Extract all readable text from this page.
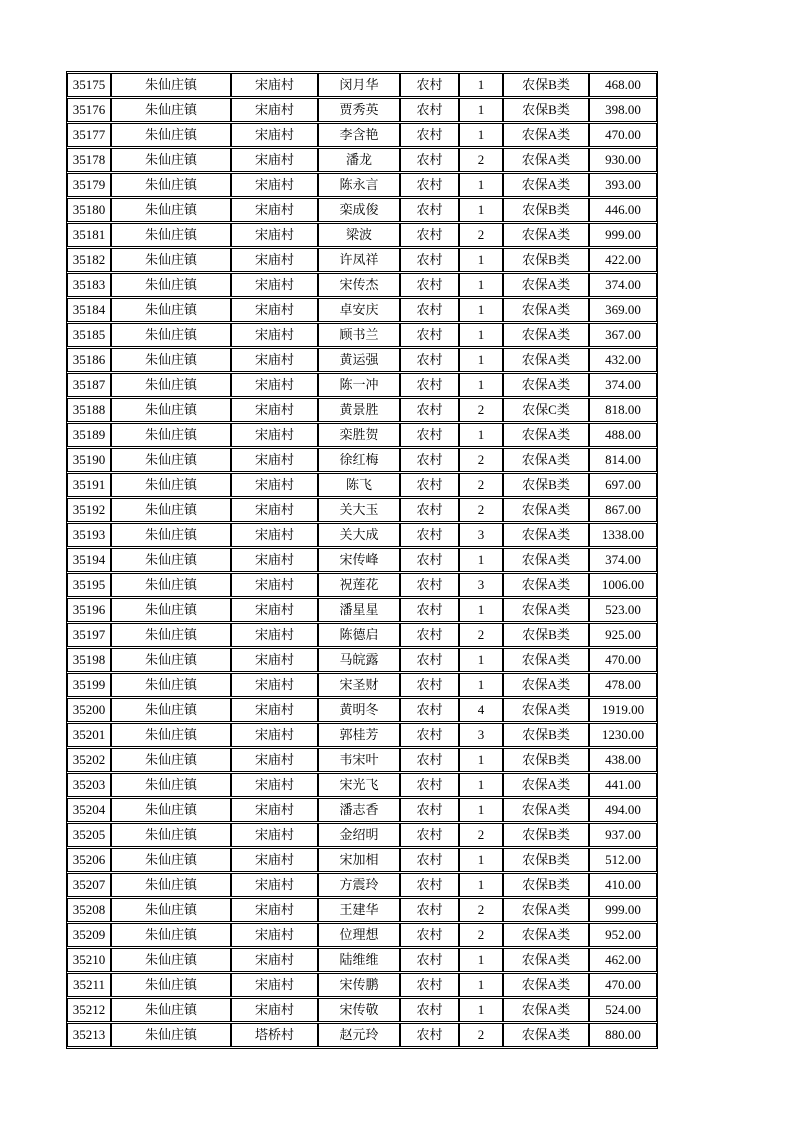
35175	朱仙庄镇	宋庙村	闵月华	农村	1	农保B类	468.00
35176	朱仙庄镇	宋庙村	贾秀英	农村	1	农保B类	398.00
35177	朱仙庄镇	宋庙村	李含艳	农村	1	农保A类	470.00
35178	朱仙庄镇	宋庙村	潘龙	农村	2	农保A类	930.00
35179	朱仙庄镇	宋庙村	陈永言	农村	1	农保A类	393.00
35180	朱仙庄镇	宋庙村	栾成俊	农村	1	农保B类	446.00
35181	朱仙庄镇	宋庙村	梁波	农村	2	农保A类	999.00
35182	朱仙庄镇	宋庙村	许凤祥	农村	1	农保B类	422.00
35183	朱仙庄镇	宋庙村	宋传杰	农村	1	农保A类	374.00
35184	朱仙庄镇	宋庙村	卓安庆	农村	1	农保A类	369.00
35185	朱仙庄镇	宋庙村	顾书兰	农村	1	农保A类	367.00
35186	朱仙庄镇	宋庙村	黄运强	农村	1	农保A类	432.00
35187	朱仙庄镇	宋庙村	陈一冲	农村	1	农保A类	374.00
35188	朱仙庄镇	宋庙村	黄景胜	农村	2	农保C类	818.00
35189	朱仙庄镇	宋庙村	栾胜贺	农村	1	农保A类	488.00
35190	朱仙庄镇	宋庙村	徐红梅	农村	2	农保A类	814.00
35191	朱仙庄镇	宋庙村	陈飞	农村	2	农保B类	697.00
35192	朱仙庄镇	宋庙村	关大玉	农村	2	农保A类	867.00
35193	朱仙庄镇	宋庙村	关大成	农村	3	农保A类	1338.00
35194	朱仙庄镇	宋庙村	宋传峰	农村	1	农保A类	374.00
35195	朱仙庄镇	宋庙村	祝莲花	农村	3	农保A类	1006.00
35196	朱仙庄镇	宋庙村	潘星星	农村	1	农保A类	523.00
35197	朱仙庄镇	宋庙村	陈德启	农村	2	农保B类	925.00
35198	朱仙庄镇	宋庙村	马皖露	农村	1	农保A类	470.00
35199	朱仙庄镇	宋庙村	宋圣财	农村	1	农保A类	478.00
35200	朱仙庄镇	宋庙村	黄明冬	农村	4	农保A类	1919.00
35201	朱仙庄镇	宋庙村	郭桂芳	农村	3	农保B类	1230.00
35202	朱仙庄镇	宋庙村	韦宋叶	农村	1	农保B类	438.00
35203	朱仙庄镇	宋庙村	宋光飞	农村	1	农保A类	441.00
35204	朱仙庄镇	宋庙村	潘志香	农村	1	农保A类	494.00
35205	朱仙庄镇	宋庙村	金绍明	农村	2	农保B类	937.00
35206	朱仙庄镇	宋庙村	宋加相	农村	1	农保B类	512.00
35207	朱仙庄镇	宋庙村	方震玲	农村	1	农保B类	410.00
35208	朱仙庄镇	宋庙村	王建华	农村	2	农保A类	999.00
35209	朱仙庄镇	宋庙村	位理想	农村	2	农保A类	952.00
35210	朱仙庄镇	宋庙村	陆维维	农村	1	农保A类	462.00
35211	朱仙庄镇	宋庙村	宋传鹏	农村	1	农保A类	470.00
35212	朱仙庄镇	宋庙村	宋传敬	农村	1	农保A类	524.00
35213	朱仙庄镇	塔桥村	赵元玲	农村	2	农保A类	880.00
